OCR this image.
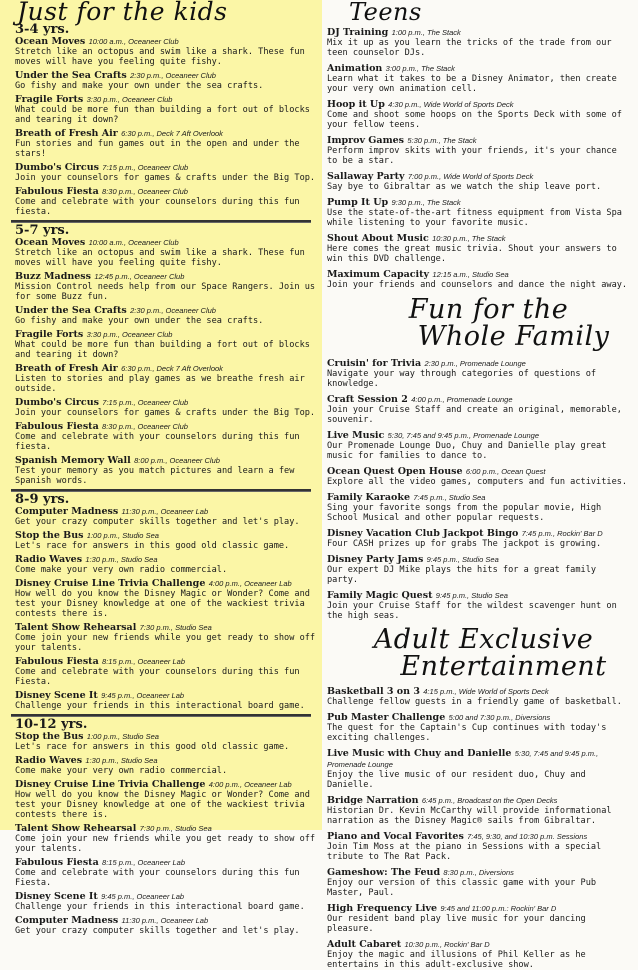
Just for the kids
3-4 yrs.
Ocean Moves 10:00 a.m., Oceaneer Club
Stretch like an octopus and swim like a shark. These fun moves will have you feeling quite fishy.
Under the Sea Crafts 2:30 p.m., Oceaneer Club
Go fishy and make your own under the sea crafts.
Fragile Forts 3:30 p.m., Oceaneer Club
What could be more fun than building a fort out of blocks and tearing it down?
Breath of Fresh Air 6:30 p.m., Deck 7 Aft Overlook
Fun stories and fun games out in the open and under the stars!
Dumbo's Circus 7:15 p.m., Oceaneer Club
Join your counselors for games & crafts under the Big Top.
Fabulous Fiesta 8:30 p.m., Oceaneer Club
Come and celebrate with your counselors during this fun fiesta.
5-7 yrs.
Ocean Moves 10:00 a.m., Oceaneer Club
Stretch like an octopus and swim like a shark. These fun moves will have you feeling quite fishy.
Buzz Madness 12:45 p.m., Oceaneer Club
Mission Control needs help from our Space Rangers. Join us for some Buzz fun.
Under the Sea Crafts 2:30 p.m., Oceaneer Club
Go fishy and make your own under the sea crafts.
Fragile Forts 3:30 p.m., Oceaneer Club
What could be more fun than building a fort out of blocks and tearing it down?
Breath of Fresh Air 6:30 p.m., Deck 7 Aft Overlook
Listen to stories and play games as we breathe fresh air outside.
Dumbo's Circus 7:15 p.m., Oceaneer Club
Join your counselors for games & crafts under the Big Top.
Fabulous Fiesta 8:30 p.m., Oceaneer Club
Come and celebrate with your counselors during this fun fiesta.
Spanish Memory Wall 8:00 p.m., Oceaneer Club
Test your memory as you match pictures and learn a few Spanish words.
8-9 yrs.
Computer Madness 11:30 p.m., Oceaneer Lab
Get your crazy computer skills together and let's play.
Stop the Bus 1:00 p.m., Studio Sea
Let's race for answers in this good old classic game.
Radio Waves 1:30 p.m., Studio Sea
Come make your very own radio commercial.
Disney Cruise Line Trivia Challenge 4:00 p.m., Oceaneer Lab
How well do you know the Disney Magic or Wonder? Come and test your Disney knowledge at one of the wackiest trivia contests there is.
Talent Show Rehearsal 7:30 p.m., Studio Sea
Come join your new friends while you get ready to show off your talents.
Fabulous Fiesta 8:15 p.m., Oceaneer Lab
Come and celebrate with your counselors during this fun Fiesta.
Disney Scene It 9:45 p.m., Oceaneer Lab
Challenge your friends in this interactional board game.
10-12 yrs.
Stop the Bus 1:00 p.m., Studio Sea
Let's race for answers in this good old classic game.
Radio Waves 1:30 p.m., Studio Sea
Come make your very own radio commercial.
Disney Cruise Line Trivia Challenge 4:00 p.m., Oceaneer Lab
How well do you know the Disney Magic or Wonder? Come and test your Disney knowledge at one of the wackiest trivia contests there is.
Talent Show Rehearsal 7:30 p.m., Studio Sea
Come join your new friends while you get ready to show off your talents.
Fabulous Fiesta 8:15 p.m., Oceaneer Lab
Come and celebrate with your counselors during this fun Fiesta.
Disney Scene It 9:45 p.m., Oceaneer Lab
Challenge your friends in this interactional board game.
Computer Madness 11:30 p.m., Oceaneer Lab
Get your crazy computer skills together and let's play.
Teens
DJ Training 1:00 p.m., The Stack
Mix it up as you learn the tricks of the trade from our teen counselor DJs.
Animation 3:00 p.m., The Stack
Learn what it takes to be a Disney Animator, then create your very own animation cell.
Hoop it Up 4:30 p.m., Wide World of Sports Deck
Come and shoot some hoops on the Sports Deck with some of your fellow teens.
Improv Games 5:30 p.m., The Stack
Perform improv skits with your friends, it's your chance to be a star.
Sallaway Party 7:00 p.m., Wide World of Sports Deck
Say bye to Gibraltar as we watch the ship leave port.
Pump It Up 9:30 p.m., The Stack
Use the state-of-the-art fitness equipment from Vista Spa while listening to your favorite music.
Shout About Music 10:30 p.m., The Stack
Here comes the great music trivia. Shout your answers to win this DVD challenge.
Maximum Capacity 12:15 a.m., Studio Sea
Join your friends and counselors and dance the night away.
Fun for the
Whole Family
Cruisin' for Trivia 2:30 p.m., Promenade Lounge
Navigate your way through categories of questions of knowledge.
Craft Session 2 4:00 p.m., Promenade Lounge
Join your Cruise Staff and create an original, memorable, souvenir.
Live Music 5:30, 7:45 and 9:45 p.m., Promenade Lounge
Our Promenade Lounge Duo, Chuy and Danielle play great music for families to dance to.
Ocean Quest Open House 6:00 p.m., Ocean Quest
Explore all the video games, computers and fun activities.
Family Karaoke 7:45 p.m., Studio Sea
Sing your favorite songs from the popular movie, High School Musical and other popular requests.
Disney Vacation Club Jackpot Bingo 7:45 p.m., Rockin' Bar D
Four CASH prizes up for grabs The jackpot is growing.
Disney Party Jams 9:45 p.m., Studio Sea
Our expert DJ Mike plays the hits for a great family party.
Family Magic Quest 9:45 p.m., Studio Sea
Join your Cruise Staff for the wildest scavenger hunt on the high seas.
Adult Exclusive
Entertainment
Basketball 3 on 3 4:15 p.m., Wide World of Sports Deck
Challenge fellow guests in a friendly game of basketball.
Pub Master Challenge 5:00 and 7:30 p.m., Diversions
The quest for the Captain's Cup continues with today's exciting challenges.
Live Music with Chuy and Danielle 5:30, 7:45 and 9:45 p.m., Promenade Lounge
Enjoy the live music of our resident duo, Chuy and Danielle.
Bridge Narration 6:45 p.m., Broadcast on the Open Decks
Historian Dr. Kevin McCarthy will provide informational narration as the Disney Magic® sails from Gibraltar.
Piano and Vocal Favorites 7:45, 9:30, and 10:30 p.m. Sessions
Join Tim Moss at the piano in Sessions with a special tribute to The Rat Pack.
Gameshow: The Feud 8:30 p.m., Diversions
Enjoy our version of this classic game with your Pub Master, Paul.
High Frequency Live 9:45 and 11:00 p.m.: Rockin' Bar D
Our resident band play live music for your dancing pleasure.
Adult Cabaret 10:30 p.m., Rockin' Bar D
Enjoy the magic and illusions of Phil Keller as he entertains in this adult-exclusive show.
